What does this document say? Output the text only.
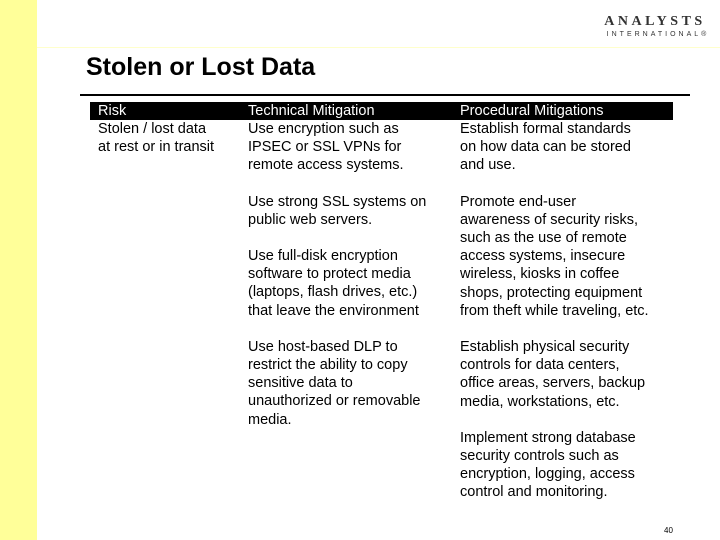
ANALYSTS
INTERNATIONAL®
Stolen or Lost Data
Risk	Technical Mitigation	Procedural Mitigations
Stolen / lost data
at rest or in transit
Use encryption such as
IPSEC or SSL VPNs for
remote access systems.
Use strong SSL systems on
public web servers.
Use full-disk encryption
software to protect media
(laptops, flash drives, etc.)
that leave the environment
Use host-based DLP to
restrict the ability to copy
sensitive data to
unauthorized or removable
media.
Establish formal standards
on how data can be stored
and use.
Promote end-user
awareness of security risks,
such as the use of remote
access systems, insecure
wireless, kiosks in coffee
shops, protecting equipment
from theft while traveling, etc.
Establish physical security
controls for data centers,
office areas, servers, backup
media, workstations, etc.
Implement strong database
security controls such as
encryption, logging, access
control and monitoring.
40
